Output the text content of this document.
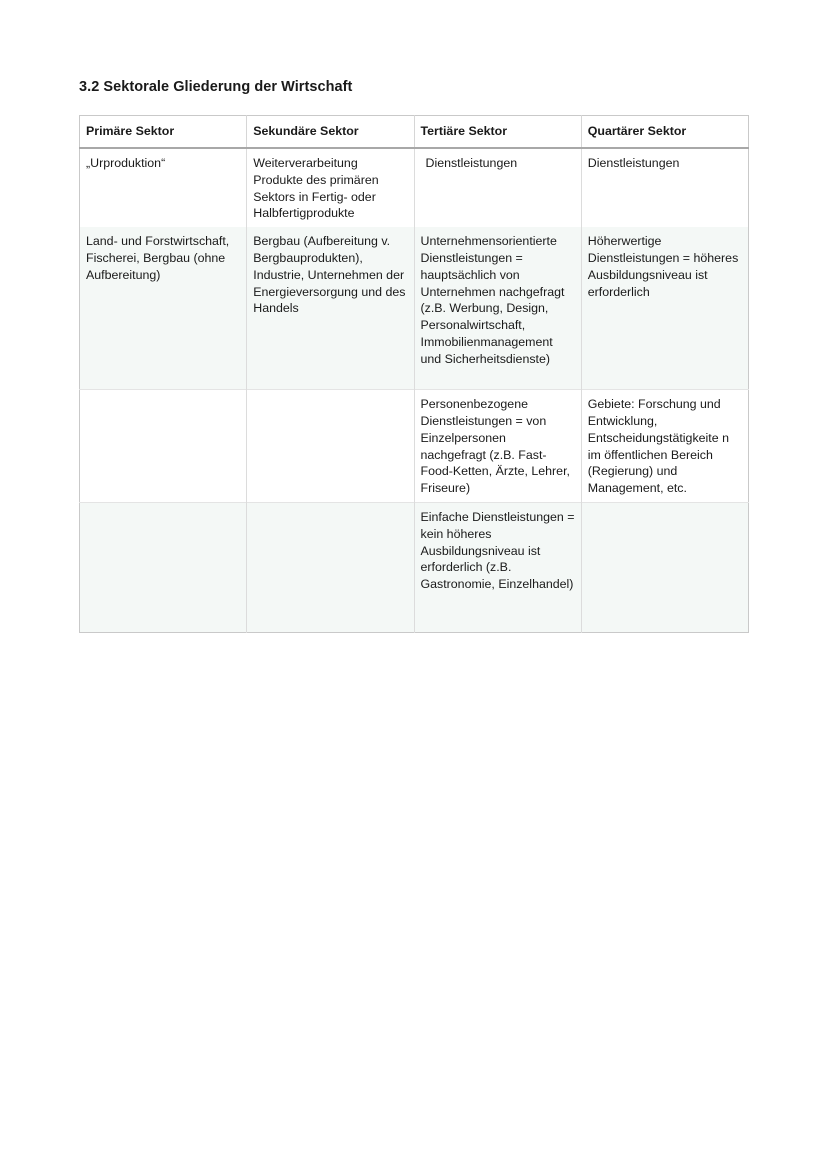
3.2 Sektorale Gliederung der Wirtschaft
Primäre Sektor	Sekundäre Sektor	Tertiäre Sektor	Quartärer Sektor
„Urproduktion“	Weiterverarbeitung Produkte des primären Sektors in Fertig- oder Halbfertigprodukte	Dienstleistungen	Dienstleistungen
Land- und Forstwirtschaft, Fischerei, Bergbau (ohne Aufbereitung)	Bergbau (Aufbereitung v. Bergbauprodukten), Industrie, Unternehmen der Energieversorgung und des Handels	Unternehmensorientierte Dienstleistungen = hauptsächlich von Unternehmen nachgefragt (z.B. Werbung, Design, Personalwirtschaft, Immobilienmanagement und Sicherheitsdienste)	Höherwertige Dienstleistungen = höheres Ausbildungsniveau ist erforderlich
		Personenbezogene Dienstleistungen = von Einzelpersonen nachgefragt (z.B. Fast-Food-Ketten, Ärzte, Lehrer, Friseure)	Gebiete: Forschung und Entwicklung, Entscheidungstätigkeite n im öffentlichen Bereich (Regierung) und Management, etc.
		Einfache Dienstleistungen = kein höheres Ausbildungsniveau ist erforderlich (z.B. Gastronomie, Einzelhandel)	
